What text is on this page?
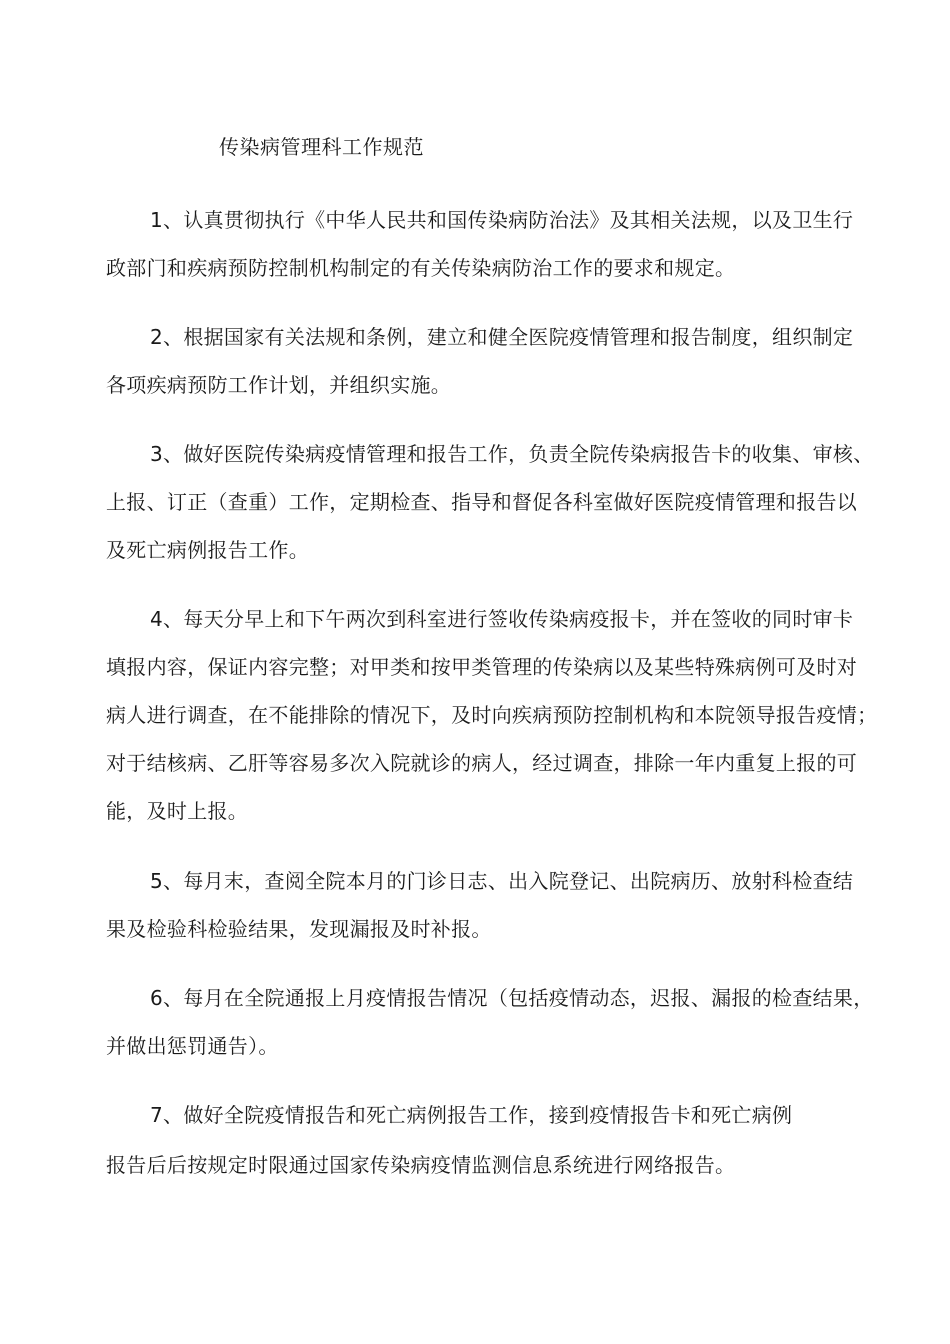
传染病管理科工作规范
1、认真贯彻执行《中华人民共和国传染病防治法》及其相关法规，以及卫生行
政部门和疾病预防控制机构制定的有关传染病防治工作的要求和规定。
2、根据国家有关法规和条例，建立和健全医院疫情管理和报告制度，组织制定
各项疾病预防工作计划，并组织实施。
3、做好医院传染病疫情管理和报告工作，负责全院传染病报告卡的收集、审核、
上报、订正（查重）工作，定期检查、指导和督促各科室做好医院疫情管理和报告以
及死亡病例报告工作。
4、每天分早上和下午两次到科室进行签收传染病疫报卡，并在签收的同时审卡
填报内容，保证内容完整；对甲类和按甲类管理的传染病以及某些特殊病例可及时对
病人进行调查，在不能排除的情况下，及时向疾病预防控制机构和本院领导报告疫情；
对于结核病、乙肝等容易多次入院就诊的病人，经过调查，排除一年内重复上报的可
能，及时上报。
5、每月末，查阅全院本月的门诊日志、出入院登记、出院病历、放射科检查结
果及检验科检验结果，发现漏报及时补报。
6、每月在全院通报上月疫情报告情况（包括疫情动态，迟报、漏报的检查结果，
并做出惩罚通告）。
7、做好全院疫情报告和死亡病例报告工作，接到疫情报告卡和死亡病例
报告后后按规定时限通过国家传染病疫情监测信息系统进行网络报告。
